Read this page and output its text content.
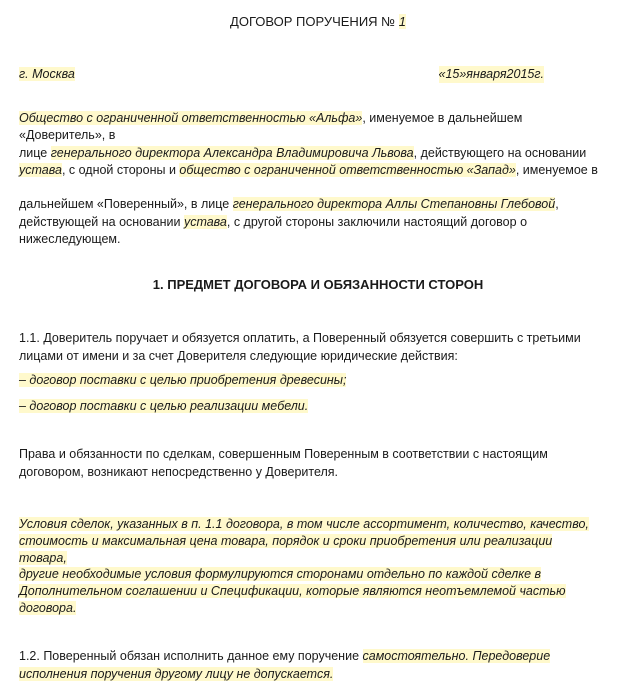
ДОГОВОР ПОРУЧЕНИЯ № 1
г. Москва	«15»января2015г.
Общество с ограниченной ответственностью «Альфа», именуемое в дальнейшем
«Доверитель», в
лице генерального директора Александра Владимировича Львова, действующего на основании
устава, с одной стороны и общество с ограниченной ответственностью «Запад», именуемое в
дальнейшем «Поверенный», в лице генерального директора Аллы Степановны Глебовой,
действующей на основании устава, с другой стороны заключили настоящий договор о
нижеследующем.
1. ПРЕДМЕТ ДОГОВОРА И ОБЯЗАННОСТИ СТОРОН
1.1. Доверитель поручает и обязуется оплатить, а Поверенный обязуется совершить с третьими
лицами от имени и за счет Доверителя следующие юридические действия:
– договор поставки с целью приобретения древесины;
– договор поставки с целью реализации мебели.
Права и обязанности по сделкам, совершенным Поверенным в соответствии с настоящим
договором, возникают непосредственно у Доверителя.
Условия сделок, указанных в п. 1.1 договора, в том числе ассортимент, количество, качество,
стоимость и максимальная цена товара, порядок и сроки приобретения или реализации
товара,
другие необходимые условия формулируются сторонами отдельно по каждой сделке в
Дополнительном соглашении и Спецификации, которые являются неотъемлемой частью
договора.
1.2. Поверенный обязан исполнить данное ему поручение самостоятельно. Передоверие
исполнения поручения другому лицу не допускается.
